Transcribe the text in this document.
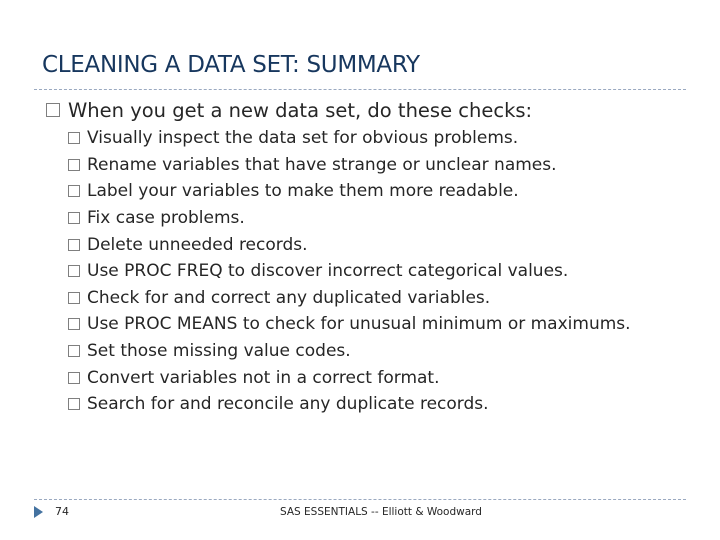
CLEANING A DATA SET: SUMMARY
When you get a new data set, do these checks:
Visually inspect the data set for obvious problems.
Rename variables that have strange or unclear names.
Label your variables to make them more readable.
Fix case problems.
Delete unneeded records.
Use PROC FREQ to discover incorrect categorical values.
Check for and correct any duplicated variables.
Use PROC MEANS to check for unusual minimum or maximums.
Set those missing value codes.
Convert variables not in a correct format.
Search for and reconcile any duplicate records.
74	SAS ESSENTIALS -- Elliott & Woodward
